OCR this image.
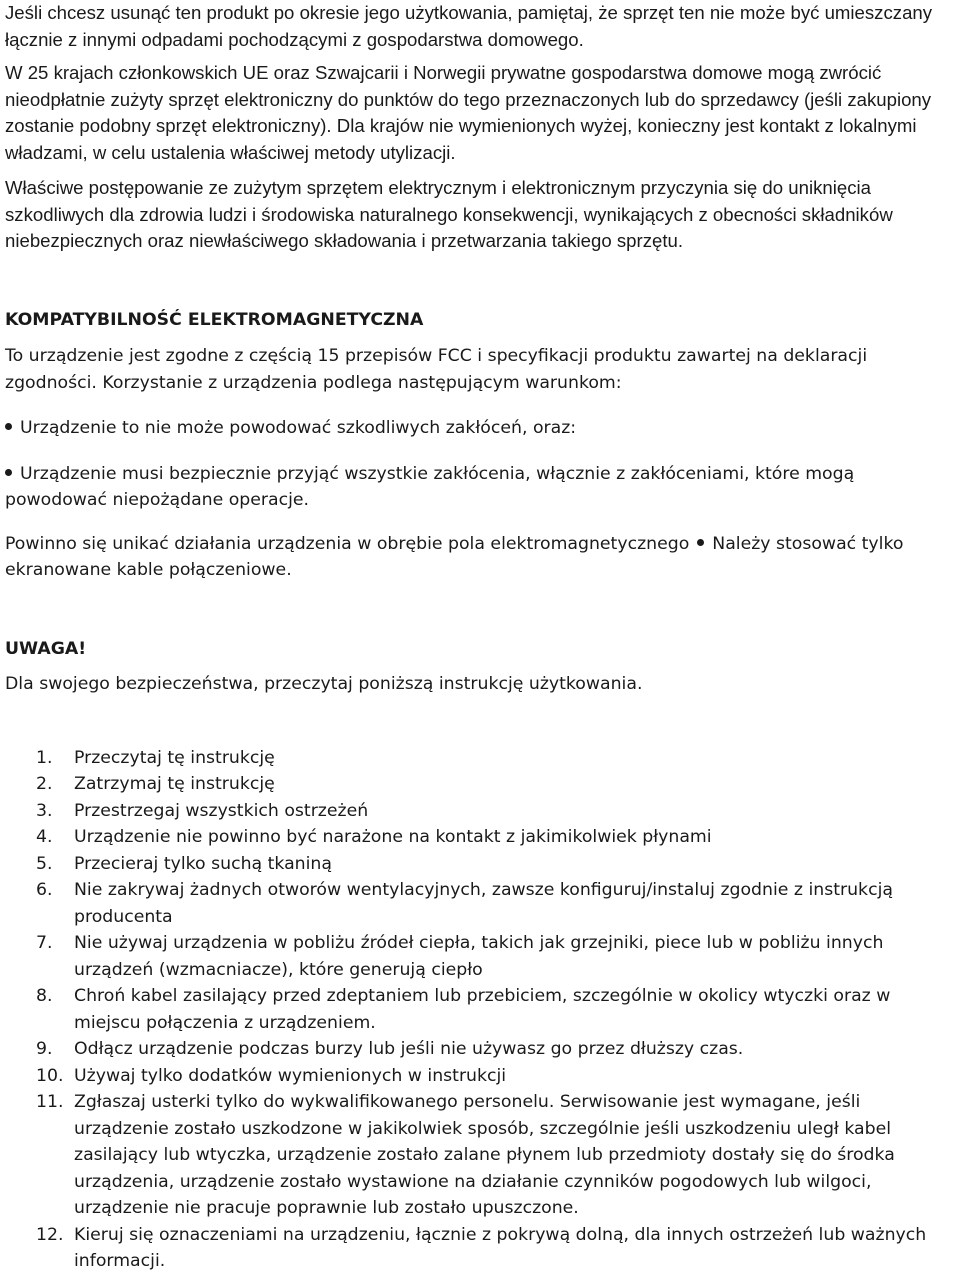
Jeśli chcesz usunąć ten produkt po okresie jego użytkowania, pamiętaj, że sprzęt ten nie może być umieszczany łącznie z innymi odpadami pochodzącymi z gospodarstwa domowego.

W 25 krajach członkowskich UE oraz Szwajcarii i Norwegii prywatne gospodarstwa domowe mogą zwrócić nieodpłatnie zużyty sprzęt elektroniczny do punktów do tego przeznaczonych lub do sprzedawcy (jeśli zakupiony zostanie podobny sprzęt elektroniczny). Dla krajów nie wymienionych wyżej, konieczny jest kontakt z lokalnymi władzami, w celu ustalenia właściwej metody utylizacji.

Właściwe postępowanie ze zużytym sprzętem elektrycznym i elektronicznym przyczynia się do uniknięcia szkodliwych dla zdrowia ludzi i środowiska naturalnego konsekwencji, wynikających z obecności składników niebezpiecznych oraz niewłaściwego składowania i przetwarzania takiego sprzętu.

KOMPATYBILNOŚĆ ELEKTROMAGNETYCZNA

To urządzenie jest zgodne z częścią 15 przepisów FCC i specyfikacji produktu zawartej na deklaracji zgodności. Korzystanie z urządzenia podlega następującym warunkom:

Urządzenie to nie może powodować szkodliwych zakłóceń, oraz:

Urządzenie musi bezpiecznie przyjąć wszystkie zakłócenia, włącznie z zakłóceniami, które mogą powodować niepożądane operacje.

Powinno się unikać działania urządzenia w obrębie pola elektromagnetycznego Należy stosować tylko ekranowane kable połączeniowe.

UWAGA!

Dla swojego bezpieczeństwa, przeczytaj poniższą instrukcję użytkowania.

1. Przeczytaj tę instrukcję
2. Zatrzymaj tę instrukcję
3. Przestrzegaj wszystkich ostrzeżeń
4. Urządzenie nie powinno być narażone na kontakt z jakimikolwiek płynami
5. Przecieraj tylko suchą tkaniną
6. Nie zakrywaj żadnych otworów wentylacyjnych, zawsze konfiguruj/instaluj zgodnie z instrukcją producenta
7. Nie używaj urządzenia w pobliżu źródeł ciepła, takich jak grzejniki, piece lub w pobliżu innych urządzeń (wzmacniacze), które generują ciepło
8. Chroń kabel zasilający przed zdeptaniem lub przebiciem, szczególnie w okolicy wtyczki oraz w miejscu połączenia z urządzeniem.
9. Odłącz urządzenie podczas burzy lub jeśli nie używasz go przez dłuższy czas.
10. Używaj tylko dodatków wymienionych w instrukcji
11. Zgłaszaj usterki tylko do wykwalifikowanego personelu. Serwisowanie jest wymagane, jeśli urządzenie zostało uszkodzone w jakikolwiek sposób, szczególnie jeśli uszkodzeniu uległ kabel zasilający lub wtyczka, urządzenie zostało zalane płynem lub przedmioty dostały się do środka urządzenia, urządzenie zostało wystawione na działanie czynników pogodowych lub wilgoci, urządzenie nie pracuje poprawnie lub zostało upuszczone.
12. Kieruj się oznaczeniami na urządzeniu, łącznie z pokrywą dolną, dla innych ostrzeżeń lub ważnych informacji.
